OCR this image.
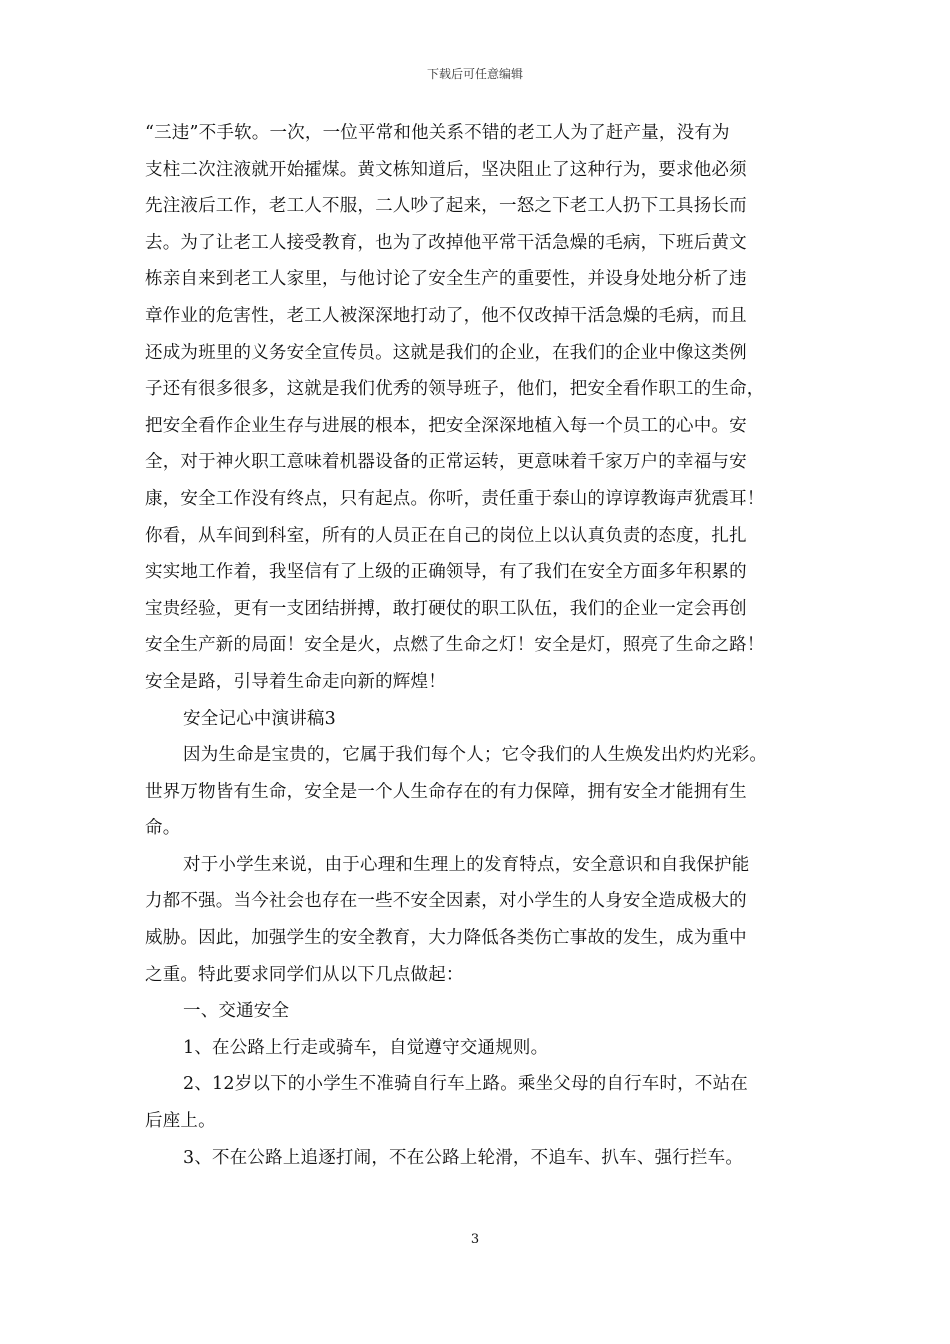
下载后可任意编辑
“三违”不手软。一次，一位平常和他关系不错的老工人为了赶产量，没有为
支柱二次注液就开始攉煤。黄文栋知道后，坚决阻止了这种行为，要求他必须
先注液后工作，老工人不服，二人吵了起来，一怒之下老工人扔下工具扬长而
去。为了让老工人接受教育，也为了改掉他平常干活急燥的毛病，下班后黄文
栋亲自来到老工人家里，与他讨论了安全生产的重要性，并设身处地分析了违
章作业的危害性，老工人被深深地打动了，他不仅改掉干活急燥的毛病，而且
还成为班里的义务安全宣传员。这就是我们的企业，在我们的企业中像这类例
子还有很多很多，这就是我们优秀的领导班子，他们，把安全看作职工的生命，
把安全看作企业生存与进展的根本，把安全深深地植入每一个员工的心中。安
全，对于神火职工意味着机器设备的正常运转，更意味着千家万户的幸福与安
康，安全工作没有终点，只有起点。你听，责任重于泰山的谆谆教诲声犹震耳！
你看，从车间到科室，所有的人员正在自己的岗位上以认真负责的态度，扎扎
实实地工作着，我坚信有了上级的正确领导，有了我们在安全方面多年积累的
宝贵经验，更有一支团结拼搏，敢打硬仗的职工队伍，我们的企业一定会再创
安全生产新的局面！安全是火，点燃了生命之灯！安全是灯，照亮了生命之路！
安全是路，引导着生命走向新的辉煌！
安全记心中演讲稿3
因为生命是宝贵的，它属于我们每个人；它令我们的人生焕发出灼灼光彩。
世界万物皆有生命，安全是一个人生命存在的有力保障，拥有安全才能拥有生
命。
对于小学生来说，由于心理和生理上的发育特点，安全意识和自我保护能
力都不强。当今社会也存在一些不安全因素，对小学生的人身安全造成极大的
威胁。因此，加强学生的安全教育，大力降低各类伤亡事故的发生，成为重中
之重。特此要求同学们从以下几点做起：
一、交通安全
1、在公路上行走或骑车，自觉遵守交通规则。
2、12岁以下的小学生不准骑自行车上路。乘坐父母的自行车时，不站在
后座上。
3、不在公路上追逐打闹，不在公路上轮滑，不追车、扒车、强行拦车。
3
